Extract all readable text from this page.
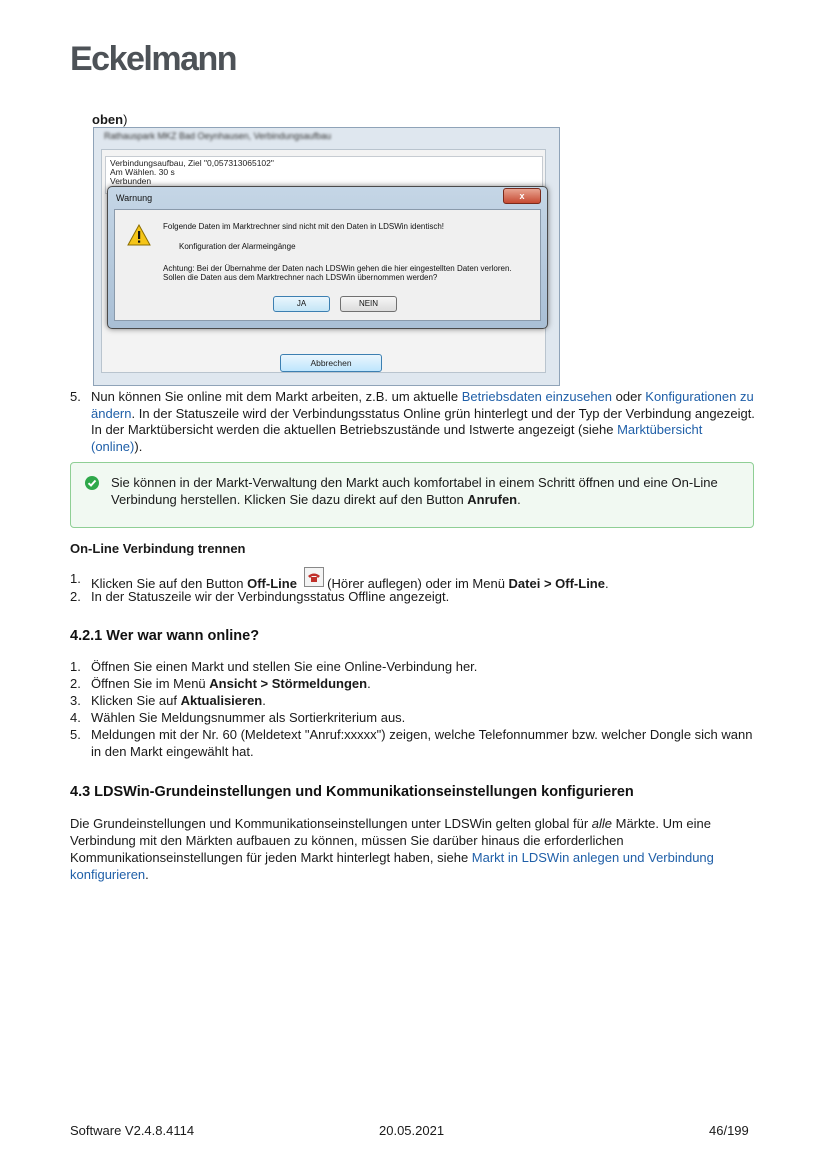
Eckelmann
oben)
Rathauspark MKZ Bad Oeynhausen, Verbindungsaufbau
Verbindungsaufbau, Ziel "0,057313065102"
Am Wählen. 30 s
Verbunden
Abbrechen
Warnung	x
Folgende Daten im Marktrechner sind nicht mit den Daten in LDSWin identisch!
Konfiguration der Alarmeingänge
Achtung: Bei der Übernahme der Daten nach LDSWin gehen die hier eingestellten Daten verloren.
Sollen die Daten aus dem Marktrechner nach LDSWin übernommen werden?
JA	NEIN
5. Nun können Sie online mit dem Markt arbeiten, z.B. um aktuelle Betriebsdaten einzusehen oder Konfigurationen zu ändern. In der Statuszeile wird der Verbindungsstatus Online grün hinterlegt und der Typ der Verbindung angezeigt. In der Marktübersicht werden die aktuellen Betriebszustände und Istwerte angezeigt (siehe Marktübersicht (online)).
Sie können in der Markt-Verwaltung den Markt auch komfortabel in einem Schritt öffnen und eine On-Line Verbindung herstellen. Klicken Sie dazu direkt auf den Button Anrufen.
On-Line Verbindung trennen
1. Klicken Sie auf den Button Off-Line  (Hörer auflegen) oder im Menü Datei > Off-Line.
2. In der Statuszeile wir der Verbindungsstatus Offline angezeigt.
4.2.1 Wer war wann online?
1. Öffnen Sie einen Markt und stellen Sie eine Online-Verbindung her.
2. Öffnen Sie im Menü Ansicht > Störmeldungen.
3. Klicken Sie auf Aktualisieren.
4. Wählen Sie Meldungsnummer als Sortierkriterium aus.
5. Meldungen mit der Nr. 60 (Meldetext "Anruf:xxxxx") zeigen, welche Telefonnummer bzw. welcher Dongle sich wann in den Markt eingewählt hat.
4.3 LDSWin-Grundeinstellungen und Kommunikationseinstellungen konfigurieren
Die Grundeinstellungen und Kommunikationseinstellungen unter LDSWin gelten global für alle Märkte. Um eine Verbindung mit den Märkten aufbauen zu können, müssen Sie darüber hinaus die erforderlichen Kommunikationseinstellungen für jeden Markt hinterlegt haben, siehe Markt in LDSWin anlegen und Verbindung konfigurieren.
Software V2.4.8.4114	20.05.2021	46/199
